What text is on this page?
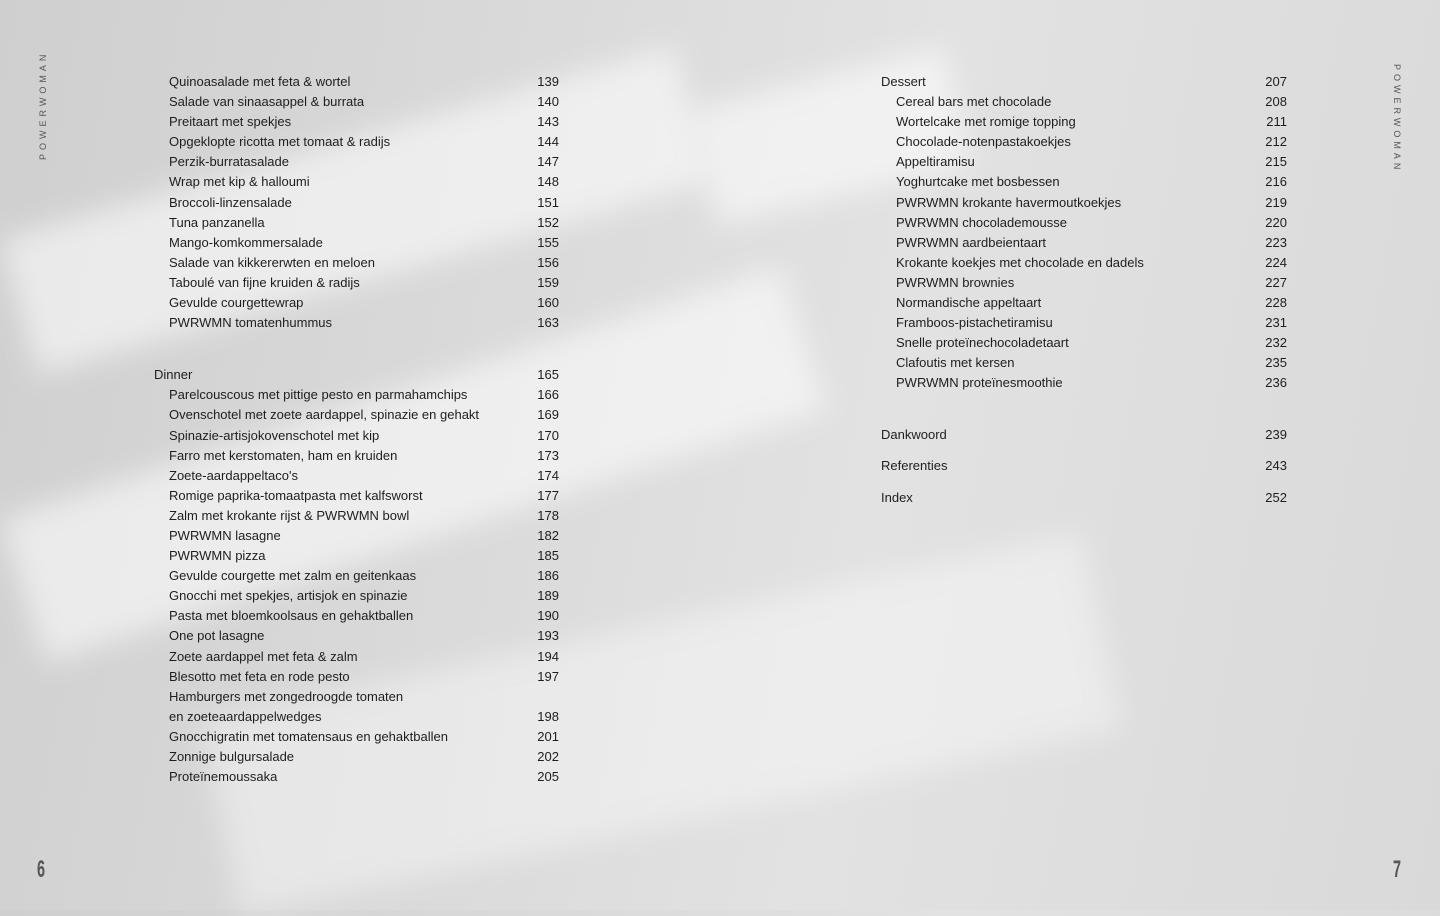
POWERWOMAN	POWERWOMAN
6	7
Quinoasalade met feta & wortel	139
Salade van sinaasappel & burrata	140
Preitaart met spekjes	143
Opgeklopte ricotta met tomaat & radijs	144
Perzik-burratasalade	147
Wrap met kip & halloumi	148
Broccoli-linzensalade	151
Tuna panzanella	152
Mango-komkommersalade	155
Salade van kikkererwten en meloen	156
Taboulé van fijne kruiden & radijs	159
Gevulde courgettewrap	160
PWRWMN tomatenhummus	163
Dinner	165
Parelcouscous met pittige pesto en parmahamchips	166
Ovenschotel met zoete aardappel, spinazie en gehakt	169
Spinazie-artisjokovenschotel met kip	170
Farro met kerstomaten, ham en kruiden	173
Zoete-aardappeltaco's	174
Romige paprika-tomaatpasta met kalfsworst	177
Zalm met krokante rijst & PWRWMN bowl	178
PWRWMN lasagne	182
PWRWMN pizza	185
Gevulde courgette met zalm en geitenkaas	186
Gnocchi met spekjes, artisjok en spinazie	189
Pasta met bloemkoolsaus en gehaktballen	190
One pot lasagne	193
Zoete aardappel met feta & zalm	194
Blesotto met feta en rode pesto	197
Hamburgers met zongedroogde tomaten
en zoeteaardappelwedges	198
Gnocchigratin met tomatensaus en gehaktballen	201
Zonnige bulgursalade	202
Proteïnemoussaka	205
Dessert	207
Cereal bars met chocolade	208
Wortelcake met romige topping	211
Chocolade-notenpastakoekjes	212
Appeltiramisu	215
Yoghurtcake met bosbessen	216
PWRWMN krokante havermoutkoekjes	219
PWRWMN chocolademousse	220
PWRWMN aardbeientaart	223
Krokante koekjes met chocolade en dadels	224
PWRWMN brownies	227
Normandische appeltaart	228
Framboos-pistachetiramisu	231
Snelle proteïnechocoladetaart	232
Clafoutis met kersen	235
PWRWMN proteïnesmoothie	236
Dankwoord	239
Referenties	243
Index	252
